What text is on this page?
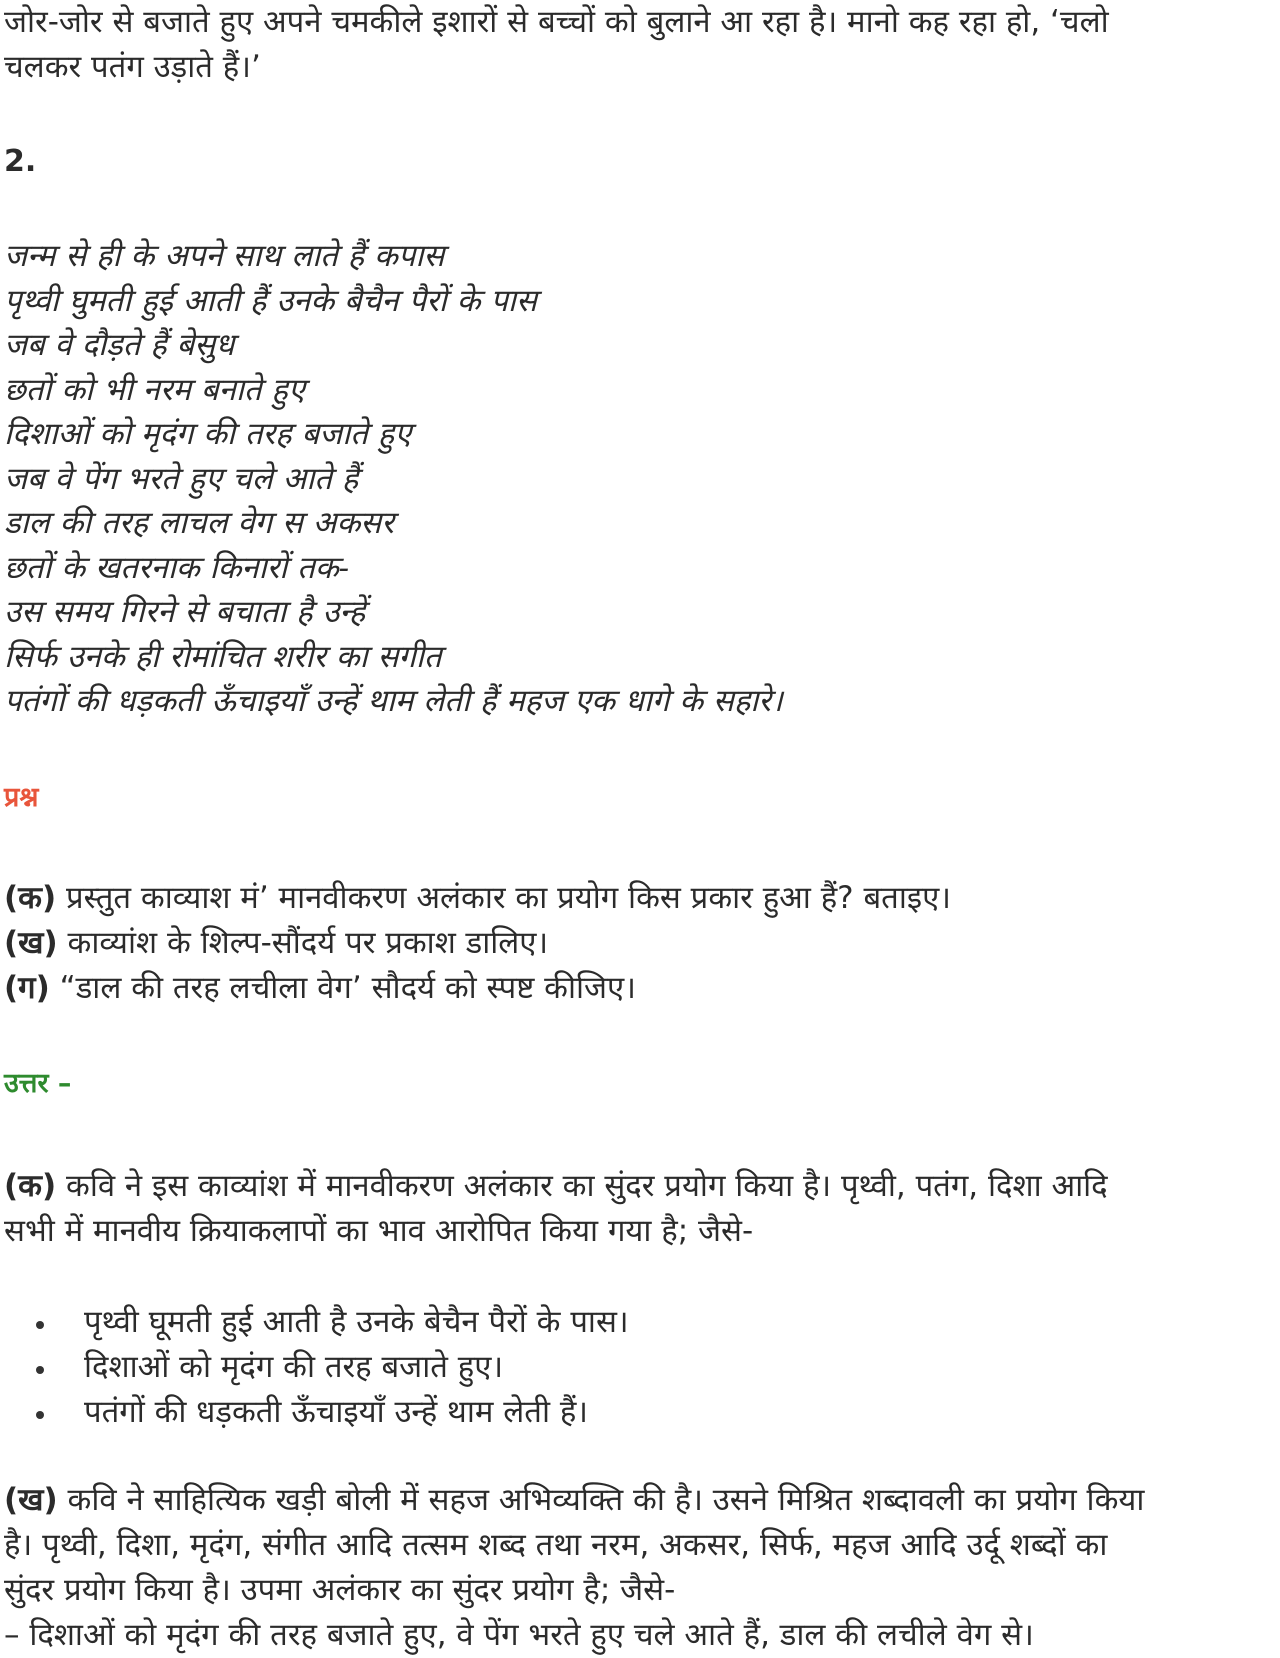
जोर-जोर से बजाते हुए अपने चमकीले इशारों से बच्चों को बुलाने आ रहा है। मानो कह रहा हो, ‘चलो
चलकर पतंग उड़ाते हैं।’
2.
जन्म से ही के अपने साथ लाते हैं कपास
पृथ्वी घुमती हुई आती हैं उनके बैचैन पैरों के पास
जब वे दौड़ते हैं बेसुध
छतों को भी नरम बनाते हुए
दिशाओं को मृदंग की तरह बजाते हुए
जब वे पेंग भरते हुए चले आते हैं
डाल की तरह लाचल वेग स अकसर
छतों के खतरनाक किनारों तक-
उस समय गिरने से बचाता है उन्हें
सिर्फ उनके ही रोमांचित शरीर का सगीत
पतंगों की धड़कती ऊँचाइयाँ उन्हें थाम लेती हैं महज एक धागे के सहारे।
प्रश्न
(क) प्रस्तुत काव्याश मं’ मानवीकरण अलंकार का प्रयोग किस प्रकार हुआ हैं? बताइए।
(ख) काव्यांश के शिल्प-सौंदर्य पर प्रकाश डालिए।
(ग) “डाल की तरह लचीला वेग’ सौदर्य को स्पष्ट कीजिए।
उत्तर –
(क) कवि ने इस काव्यांश में मानवीकरण अलंकार का सुंदर प्रयोग किया है। पृथ्वी, पतंग, दिशा आदि
सभी में मानवीय क्रियाकलापों का भाव आरोपित किया गया है; जैसे-
पृथ्वी घूमती हुई आती है उनके बेचैन पैरों के पास।
दिशाओं को मृदंग की तरह बजाते हुए।
पतंगों की धड़कती ऊँचाइयाँ उन्हें थाम लेती हैं।
(ख) कवि ने साहित्यिक खड़ी बोली में सहज अभिव्यक्ति की है। उसने मिश्रित शब्दावली का प्रयोग किया
है। पृथ्वी, दिशा, मृदंग, संगीत आदि तत्सम शब्द तथा नरम, अकसर, सिर्फ, महज आदि उर्दू शब्दों का
सुंदर प्रयोग किया है। उपमा अलंकार का सुंदर प्रयोग है; जैसे-
– दिशाओं को मृदंग की तरह बजाते हुए, वे पेंग भरते हुए चले आते हैं, डाल की लचीले वेग से।
